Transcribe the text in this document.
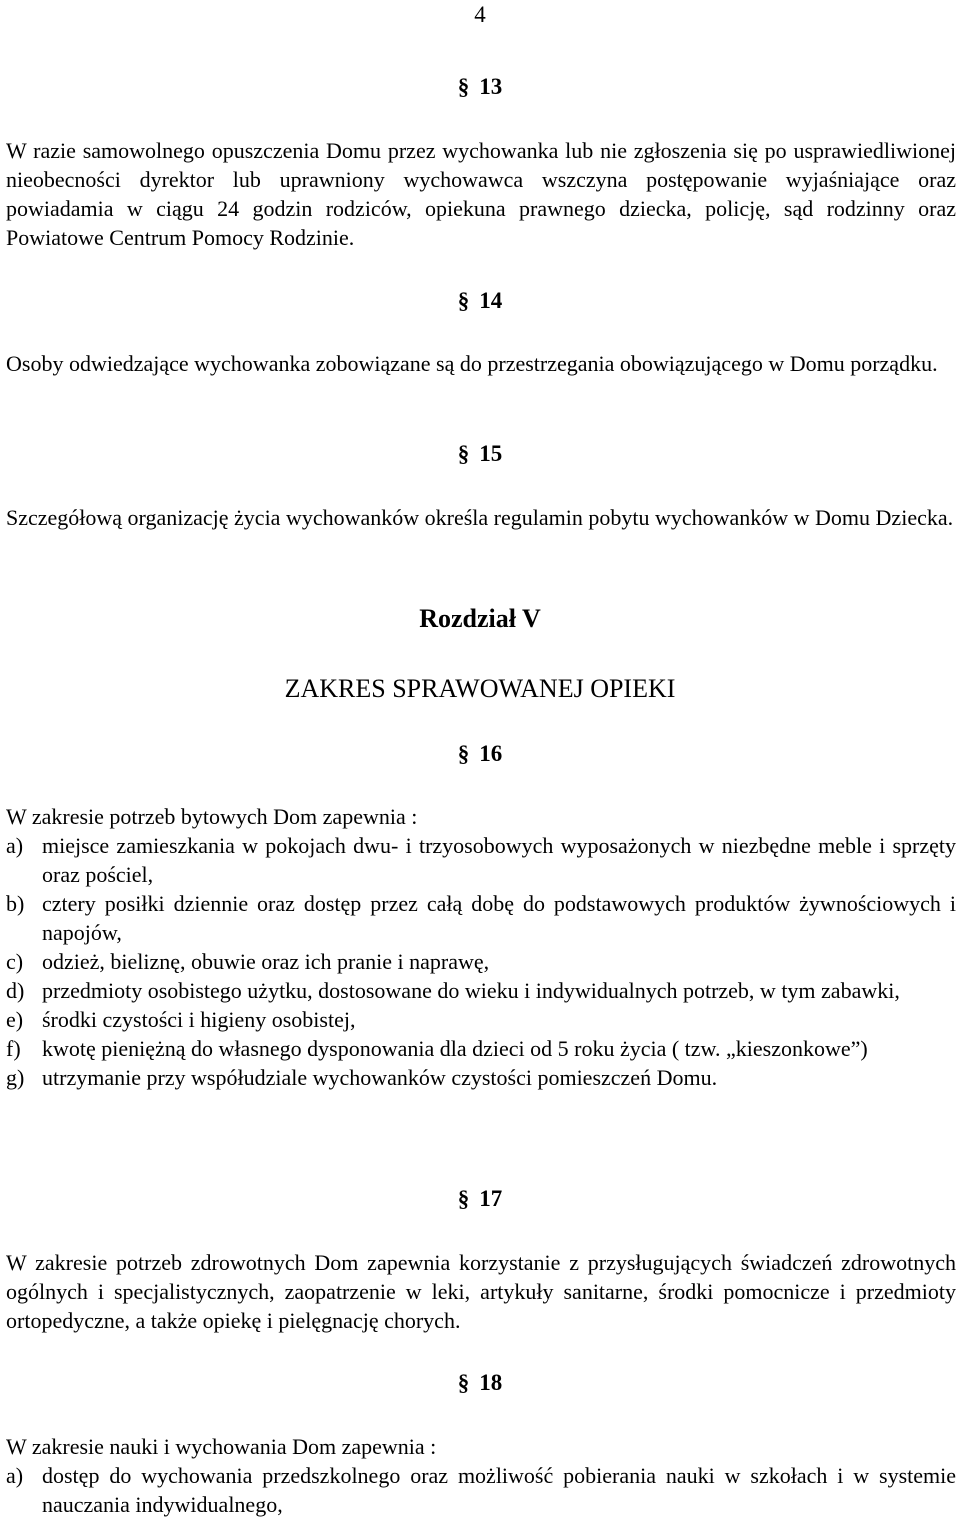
4
§ 13
W razie samowolnego opuszczenia Domu przez wychowanka lub nie zgłoszenia się po usprawiedliwionej nieobecności dyrektor lub uprawniony wychowawca wszczyna postępowanie wyjaśniające oraz powiadamia w ciągu 24 godzin rodziców, opiekuna prawnego dziecka, policję, sąd rodzinny oraz Powiatowe Centrum Pomocy Rodzinie.
§ 14
Osoby odwiedzające wychowanka zobowiązane są do przestrzegania obowiązującego w Domu porządku.
§ 15
Szczegółową organizację życia wychowanków określa regulamin pobytu wychowanków w Domu Dziecka.
Rozdział V
ZAKRES SPRAWOWANEJ OPIEKI
§ 16
W zakresie potrzeb bytowych Dom zapewnia :
a) miejsce zamieszkania w pokojach dwu- i trzyosobowych wyposażonych w niezbędne meble i sprzęty oraz pościel,
b) cztery posiłki dziennie oraz dostęp przez całą dobę do podstawowych produktów żywnościowych i napojów,
c) odzież, bieliznę, obuwie oraz ich pranie i naprawę,
d) przedmioty osobistego użytku, dostosowane do wieku i indywidualnych potrzeb, w tym zabawki,
e) środki czystości i higieny osobistej,
f) kwotę pieniężną do własnego dysponowania dla dzieci od 5 roku życia ( tzw. „kieszonkowe”)
g) utrzymanie przy współudziale wychowanków czystości pomieszczeń Domu.
§ 17
W zakresie potrzeb zdrowotnych Dom zapewnia korzystanie z przysługujących świadczeń zdrowotnych ogólnych i specjalistycznych, zaopatrzenie w leki, artykuły sanitarne, środki pomocnicze i przedmioty ortopedyczne, a także opiekę i pielęgnację chorych.
§ 18
W zakresie nauki i wychowania Dom zapewnia :
a) dostęp do wychowania przedszkolnego oraz możliwość pobierania nauki w szkołach i w systemie nauczania indywidualnego,
